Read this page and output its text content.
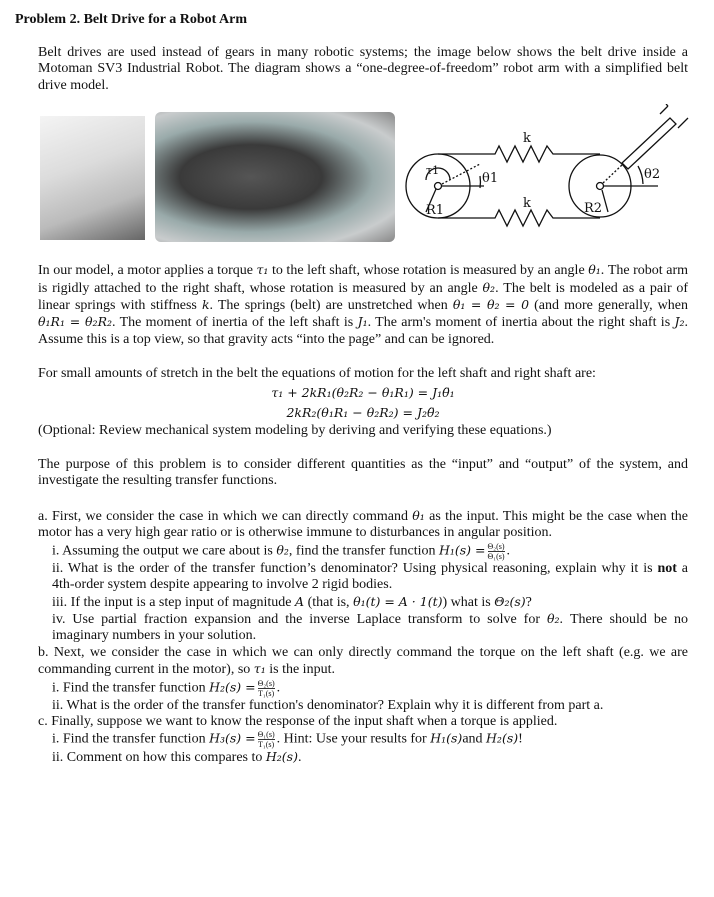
Problem 2. Belt Drive for a Robot Arm

Belt drives are used instead of gears in many robotic systems; the image below shows the belt drive inside a Motoman SV3 Industrial Robot. The diagram shows a “one-degree-of-freedom” robot arm with a simplified belt drive model.

k
k
τ1
θ1	θ2
R1	R2

In our model, a motor applies a torque τ₁ to the left shaft, whose rotation is measured by an angle θ₁. The robot arm is rigidly attached to the right shaft, whose rotation is measured by an angle θ₂. The belt is modeled as a pair of linear springs with stiffness k. The springs (belt) are unstretched when θ₁ = θ₂ = 0 (and more generally, when θ₁R₁ = θ₂R₂. The moment of inertia of the left shaft is J₁. The arm's moment of inertia about the right shaft is J₂. Assume this is a top view, so that gravity acts “into the page” and can be ignored.

For small amounts of stretch in the belt the equations of motion for the left shaft and right shaft are:

τ₁ + 2kR₁(θ₂R₂ − θ₁R₁) = J₁θ̈₁
2kR₂(θ₁R₁ − θ₂R₂) = J₂θ̈₂

(Optional: Review mechanical system modeling by deriving and verifying these equations.)

The purpose of this problem is to consider different quantities as the “input” and “output” of the system, and investigate the resulting transfer functions.

a. First, we consider the case in which we can directly command θ₁ as the input. This might be the case when the motor has a very high gear ratio or is otherwise immune to disturbances in angular position.

i. Assuming the output we care about is θ₂, find the transfer function $H_1(s) = \frac{\text{Θ₂(s)}}{\text{Θ₁(s)}}$ .

ii. What is the order of the transfer function’s denominator? Using physical reasoning, explain why it is not a 4th-order system despite appearing to involve 2 rigid bodies.

iii. If the input is a step input of magnitude A (that is, θ₁(t) = A · 1(t)) what is Θ₂(s)?

iv. Use partial fraction expansion and the inverse Laplace transform to solve for θ₂. There should be no imaginary numbers in your solution.

b. Next, we consider the case in which we can only directly command the torque on the left shaft (e.g. we are commanding current in the motor), so τ₁ is the input.

i. Find the transfer function $H_2(s) = \frac{\text{Θ₂(s)}}{\text{T₁(s)}}$ .

ii. What is the order of the transfer function's denominator? Explain why it is different from part a.

c. Finally, suppose we want to know the response of the input shaft when a torque is applied.

i. Find the transfer function $H_3(s) = \frac{\text{Θ₁(s)}}{\text{T₁(s)}}$ . Hint: Use your results for H₁(s)and H₂(s)!

ii. Comment on how this compares to H₂(s).
